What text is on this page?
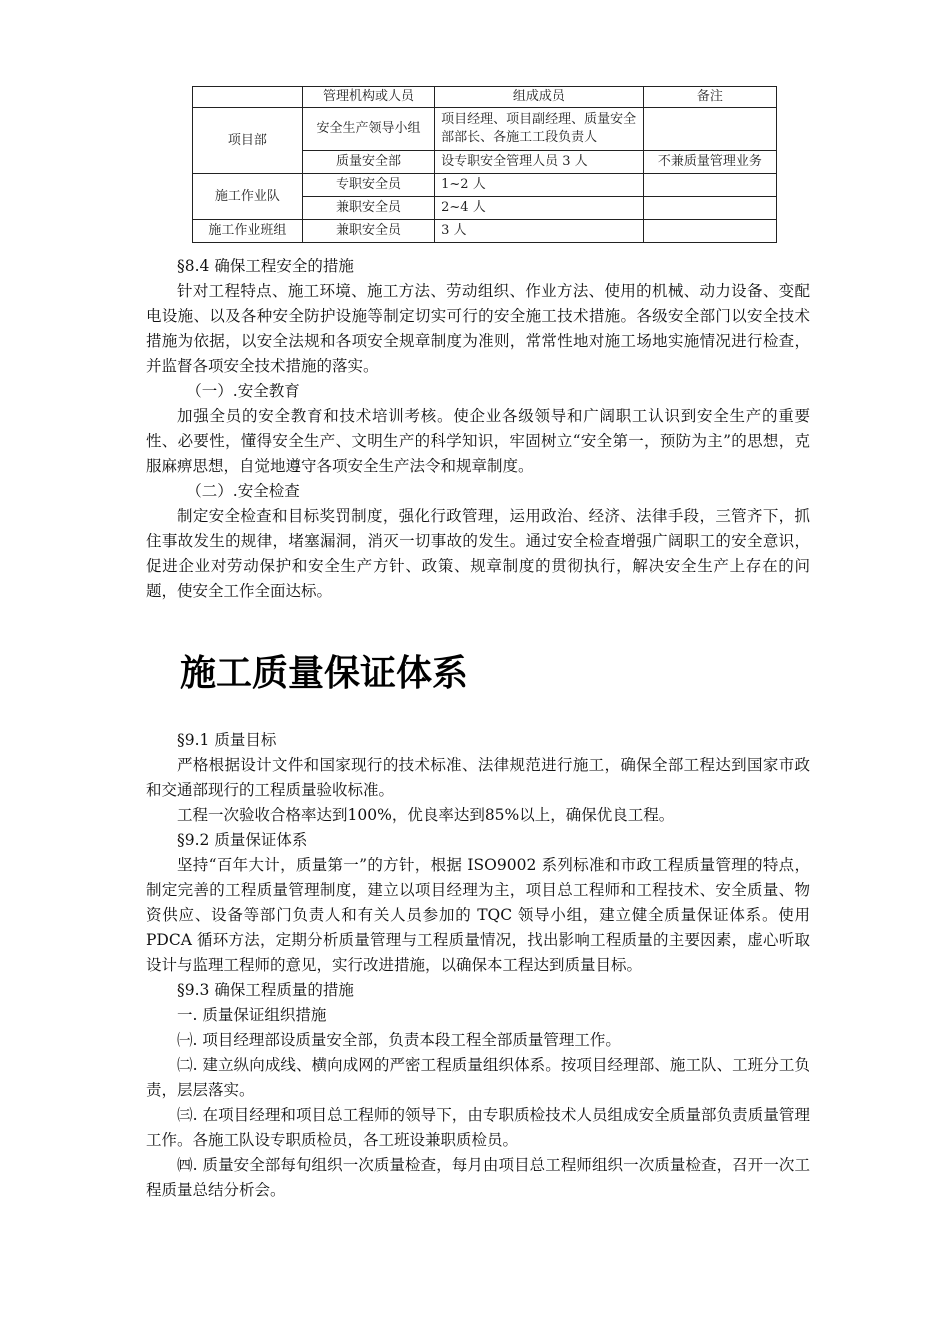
	管理机构或人员	组成成员	备注
项目部	安全生产领导小组	项目经理、项目副经理、质量安全部部长、各施工工段负责人	
	质量安全部	设专职安全管理人员 3 人	不兼质量管理业务
施工作业队	专职安全员	1~2 人	
	兼职安全员	2~4 人	
施工作业班组	兼职安全员	3 人	

§8.4 确保工程安全的措施

针对工程特点、施工环境、施工方法、劳动组织、作业方法、使用的机械、动力设备、变配电设施、以及各种安全防护设施等制定切实可行的安全施工技术措施。各级安全部门以安全技术措施为依据，以安全法规和各项安全规章制度为准则，常常性地对施工场地实施情况进行检查，并监督各项安全技术措施的落实。

（一）.安全教育

加强全员的安全教育和技术培训考核。使企业各级领导和广阔职工认识到安全生产的重要性、必要性，懂得安全生产、文明生产的科学知识，牢固树立“安全第一，预防为主”的思想，克服麻痹思想，自觉地遵守各项安全生产法令和规章制度。

（二）.安全检查

制定安全检查和目标奖罚制度，强化行政管理，运用政治、经济、法律手段，三管齐下，抓住事故发生的规律，堵塞漏洞，消灭一切事故的发生。通过安全检查增强广阔职工的安全意识，促进企业对劳动保护和安全生产方针、政策、规章制度的贯彻执行，解决安全生产上存在的问题，使安全工作全面达标。

施工质量保证体系

§9.1 质量目标

严格根据设计文件和国家现行的技术标准、法律规范进行施工，确保全部工程达到国家市政和交通部现行的工程质量验收标准。

工程一次验收合格率达到100%，优良率达到85%以上，确保优良工程。

§9.2 质量保证体系

坚持“百年大计，质量第一”的方针，根据 ISO9002 系列标准和市政工程质量管理的特点，制定完善的工程质量管理制度，建立以项目经理为主，项目总工程师和工程技术、安全质量、物资供应、设备等部门负责人和有关人员参加的 TQC 领导小组，建立健全质量保证体系。使用 PDCA 循环方法，定期分析质量管理与工程质量情况，找出影响工程质量的主要因素，虚心听取设计与监理工程师的意见，实行改进措施，以确保本工程达到质量目标。

§9.3 确保工程质量的措施

一. 质量保证组织措施

㈠. 项目经理部设质量安全部，负责本段工程全部质量管理工作。

㈡. 建立纵向成线、横向成网的严密工程质量组织体系。按项目经理部、施工队、工班分工负责，层层落实。

㈢. 在项目经理和项目总工程师的领导下，由专职质检技术人员组成安全质量部负责质量管理工作。各施工队设专职质检员，各工班设兼职质检员。

㈣. 质量安全部每旬组织一次质量检查，每月由项目总工程师组织一次质量检查，召开一次工程质量总结分析会。
